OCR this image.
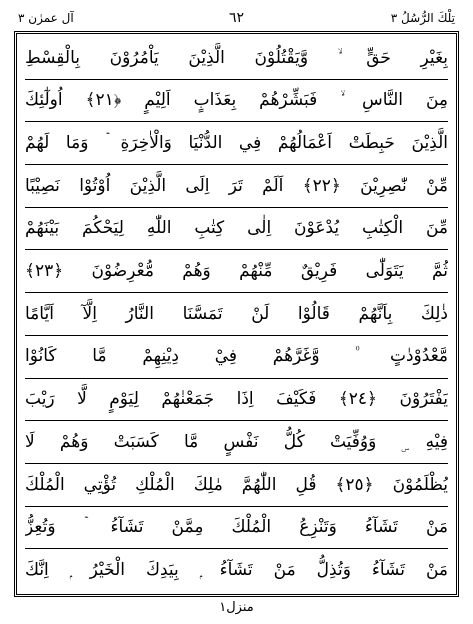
آل عمرٰن ٣	٦٢	تِلْكَ الرُّسُلُ ٣
بِغَيْرِ حَقٍّ ۙ وَّيَقْتُلُوْنَ الَّذِيْنَ يَاْمُرُوْنَ بِالْقِسْطِ
مِنَ النَّاسِ ۙ فَبَشِّرْهُمْ بِعَذَابٍ اَلِيْمٍ ﴿٢١﴾ اُولٰٓئِكَ
الَّذِيْنَ حَبِطَتْ اَعْمَالُهُمْ فِي الدُّنْيَا وَالْاٰخِرَةِ ۡ وَمَا لَهُمْ
مِّنْ نّٰصِرِيْنَ ﴿٢٢﴾ اَلَمْ تَرَ اِلَى الَّذِيْنَ اُوْتُوْا نَصِيْبًا
مِّنَ الْكِتٰبِ يُدْعَوْنَ اِلٰى كِتٰبِ اللّٰهِ لِيَحْكُمَ بَيْنَهُمْ
ثُمَّ يَتَوَلّٰى فَرِيْقٌ مِّنْهُمْ وَهُمْ مُّعْرِضُوْنَ ﴿٢٣﴾
ذٰلِكَ بِاَنَّهُمْ قَالُوْا لَنْ تَمَسَّنَا النَّارُ اِلَّآ اَيَّامًا
مَّعْدُوْدٰتٍ ۠ وَّغَرَّهُمْ فِيْ دِيْنِهِمْ مَّا كَانُوْا
يَفْتَرُوْنَ ﴿٢٤﴾ فَكَيْفَ اِذَا جَمَعْنٰهُمْ لِيَوْمٍ لَّا رَيْبَ
فِيْهِ ۣ وَوُفِّيَتْ كُلُّ نَفْسٍ مَّا كَسَبَتْ وَهُمْ لَا
يُظْلَمُوْنَ ﴿٢٥﴾ قُلِ اللّٰهُمَّ مٰلِكَ الْمُلْكِ تُؤْتِي الْمُلْكَ
مَنْ تَشَآءُ وَتَنْزِعُ الْمُلْكَ مِمَّنْ تَشَآءُ ۡ وَتُعِزُّ
مَنْ تَشَآءُ وَتُذِلُّ مَنْ تَشَآءُ ۭ بِيَدِكَ الْخَيْرُ ۭ اِنَّكَ
منزل١
